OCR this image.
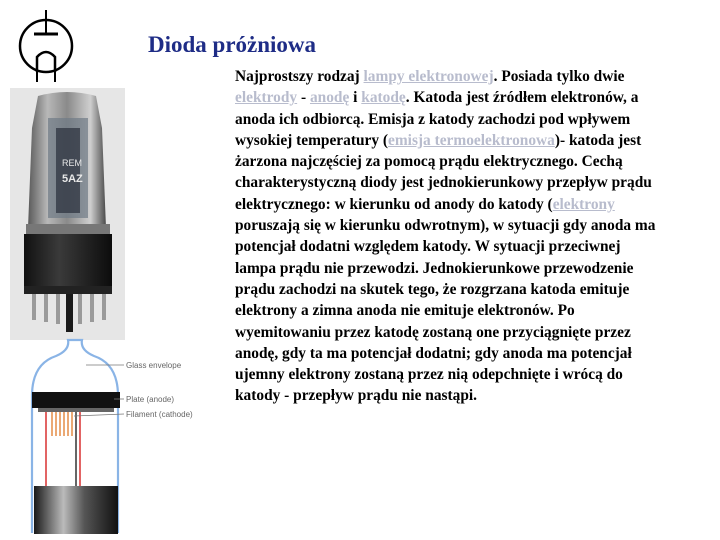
Dioda próżniowa
REM
5AZ
Glass envelope
Plate (anode)
Filament (cathode)
Najprostszy rodzaj lampy elektronowej. Posiada tylko dwie elektrody - anodę i katodę. Katoda jest źródłem elektronów, a anoda ich odbiorcą. Emisja z katody zachodzi pod wpływem wysokiej temperatury (emisja termoelektronowa)- katoda jest żarzona najczęściej za pomocą prądu elektrycznego. Cechą charakterystyczną diody jest jednokierunkowy przepływ prądu elektrycznego: w kierunku od anody do katody (elektrony poruszają się w kierunku odwrotnym), w sytuacji gdy anoda ma potencjał dodatni względem katody. W sytuacji przeciwnej lampa prądu nie przewodzi. Jednokierunkowe przewodzenie prądu zachodzi na skutek tego, że rozgrzana katoda emituje elektrony a zimna anoda nie emituje elektronów. Po wyemitowaniu przez katodę zostaną one przyciągnięte przez anodę, gdy ta ma potencjał dodatni; gdy anoda ma potencjał ujemny elektrony zostaną przez nią odepchnięte i wrócą do katody - przepływ prądu nie nastąpi.
